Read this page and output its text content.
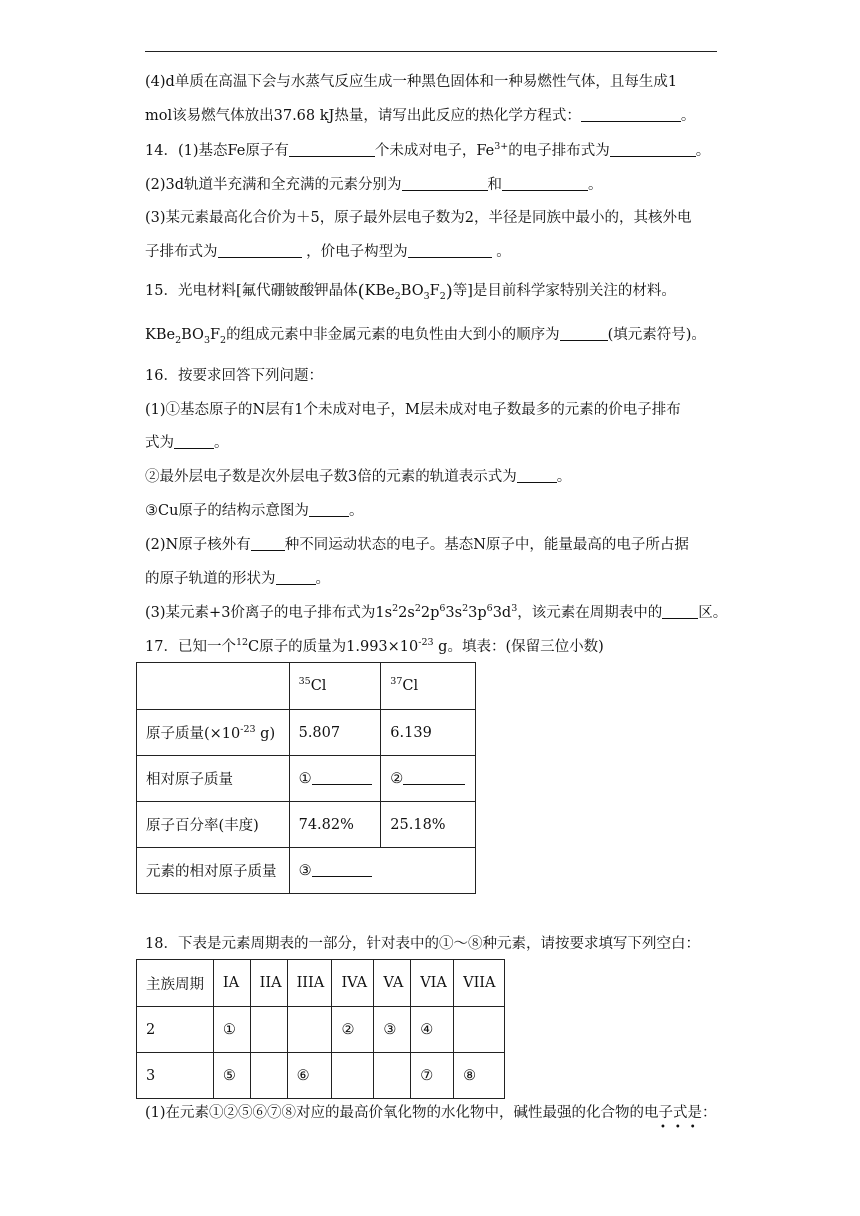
(4)d单质在高温下会与水蒸气反应生成一种黑色固体和一种易燃性气体，且每生成1
mol该易燃气体放出37.68 kJ热量，请写出此反应的热化学方程式：	。
14．(1)基态Fe原子有	个未成对电子，$Fe^{3+}$的电子排布式为	。
(2)3d轨道半充满和全充满的元素分别为	和	。
(3)某元素最高化合价为＋5，原子最外层电子数为2，半径是同族中最小的，其核外电
子排布式为	，价电子构型为	。
15．光电材料[氟代硼铍酸钾晶体$(KBe_2BO_3F_2)$等]是目前科学家特别关注的材料。
$KBe_2BO_3F_2$的组成元素中非金属元素的电负性由大到小的顺序为	(填元素符号)。
16．按要求回答下列问题：
(1)①基态原子的N层有1个未成对电子，M层未成对电子数最多的元素的价电子排布
式为	。
②最外层电子数是次外层电子数3倍的元素的轨道表示式为	。
③Cu原子的结构示意图为	。
(2)N原子核外有 种不同运动状态的电子。基态N原子中，能量最高的电子所占据
的原子轨道的形状为	。
(3)某元素+3价离子的电子排布式为$1s^22s^22p^63s^23p^63d^3$，该元素在周期表中的 区。
17．已知一个$^{12}$C原子的质量为$1.993\times 10^{-23}$ g。填表：(保留三位小数)
	$^{35}$Cl	$^{37}$Cl
原子质量($\times 10^{-23}$ g)	5.807	6.139
相对原子质量	①	②
原子百分率(丰度)	74.82%	25.18%
元素的相对原子质量	③	
18．下表是元素周期表的一部分，针对表中的①～⑧种元素，请按要求填写下列空白：
主族周期	IA	IIA	IIIA	IVA	VA	VIA	VIIA
2	①			②	③	④	
3	⑤		⑥			⑦	⑧
(1)在元素①②⑤⑥⑦⑧对应的最高价氧化物的水化物中，碱性最强的化合物的电子式是：
•••
